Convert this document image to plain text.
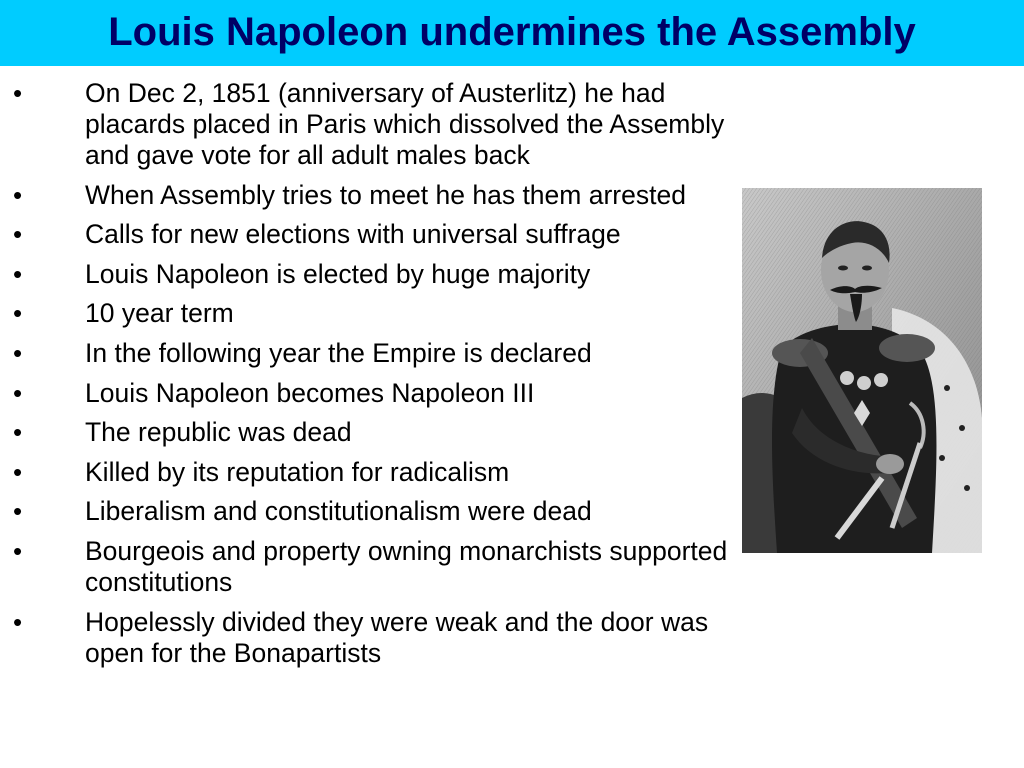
Louis Napoleon undermines the Assembly
• On Dec 2, 1851 (anniversary of Austerlitz) he had placards placed in Paris which dissolved the Assembly and gave vote for all adult males back
• When Assembly tries to meet he has them arrested
• Calls for new elections with universal suffrage
• Louis Napoleon is elected by huge majority
• 10 year term
• In the following year the Empire is declared
• Louis Napoleon becomes Napoleon III
• The republic was dead
• Killed by its reputation for radicalism
• Liberalism and constitutionalism were dead
• Bourgeois and property owning monarchists supported constitutions
• Hopelessly divided they were weak and the door was open for the Bonapartists
